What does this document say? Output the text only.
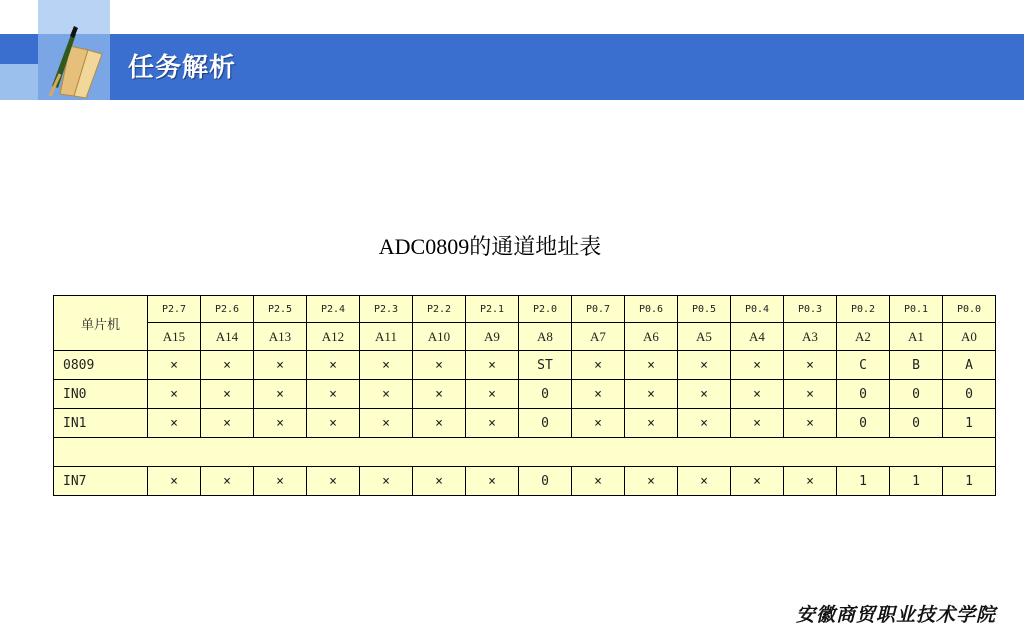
任务解析
ADC0809的通道地址表
单片机	P2.7	P2.6	P2.5	P2.4	P2.3	P2.2	P2.1	P2.0	P0.7	P0.6	P0.5	P0.4	P0.3	P0.2	P0.1	P0.0
	A15	A14	A13	A12	A11	A10	A9	A8	A7	A6	A5	A4	A3	A2	A1	A0
0809	×	×	×	×	×	×	×	ST	×	×	×	×	×	C	B	A
IN0	×	×	×	×	×	×	×	0	×	×	×	×	×	0	0	0
IN1	×	×	×	×	×	×	×	0	×	×	×	×	×	0	0	1

IN7	×	×	×	×	×	×	×	0	×	×	×	×	×	1	1	1
安徽商贸职业技术学院
